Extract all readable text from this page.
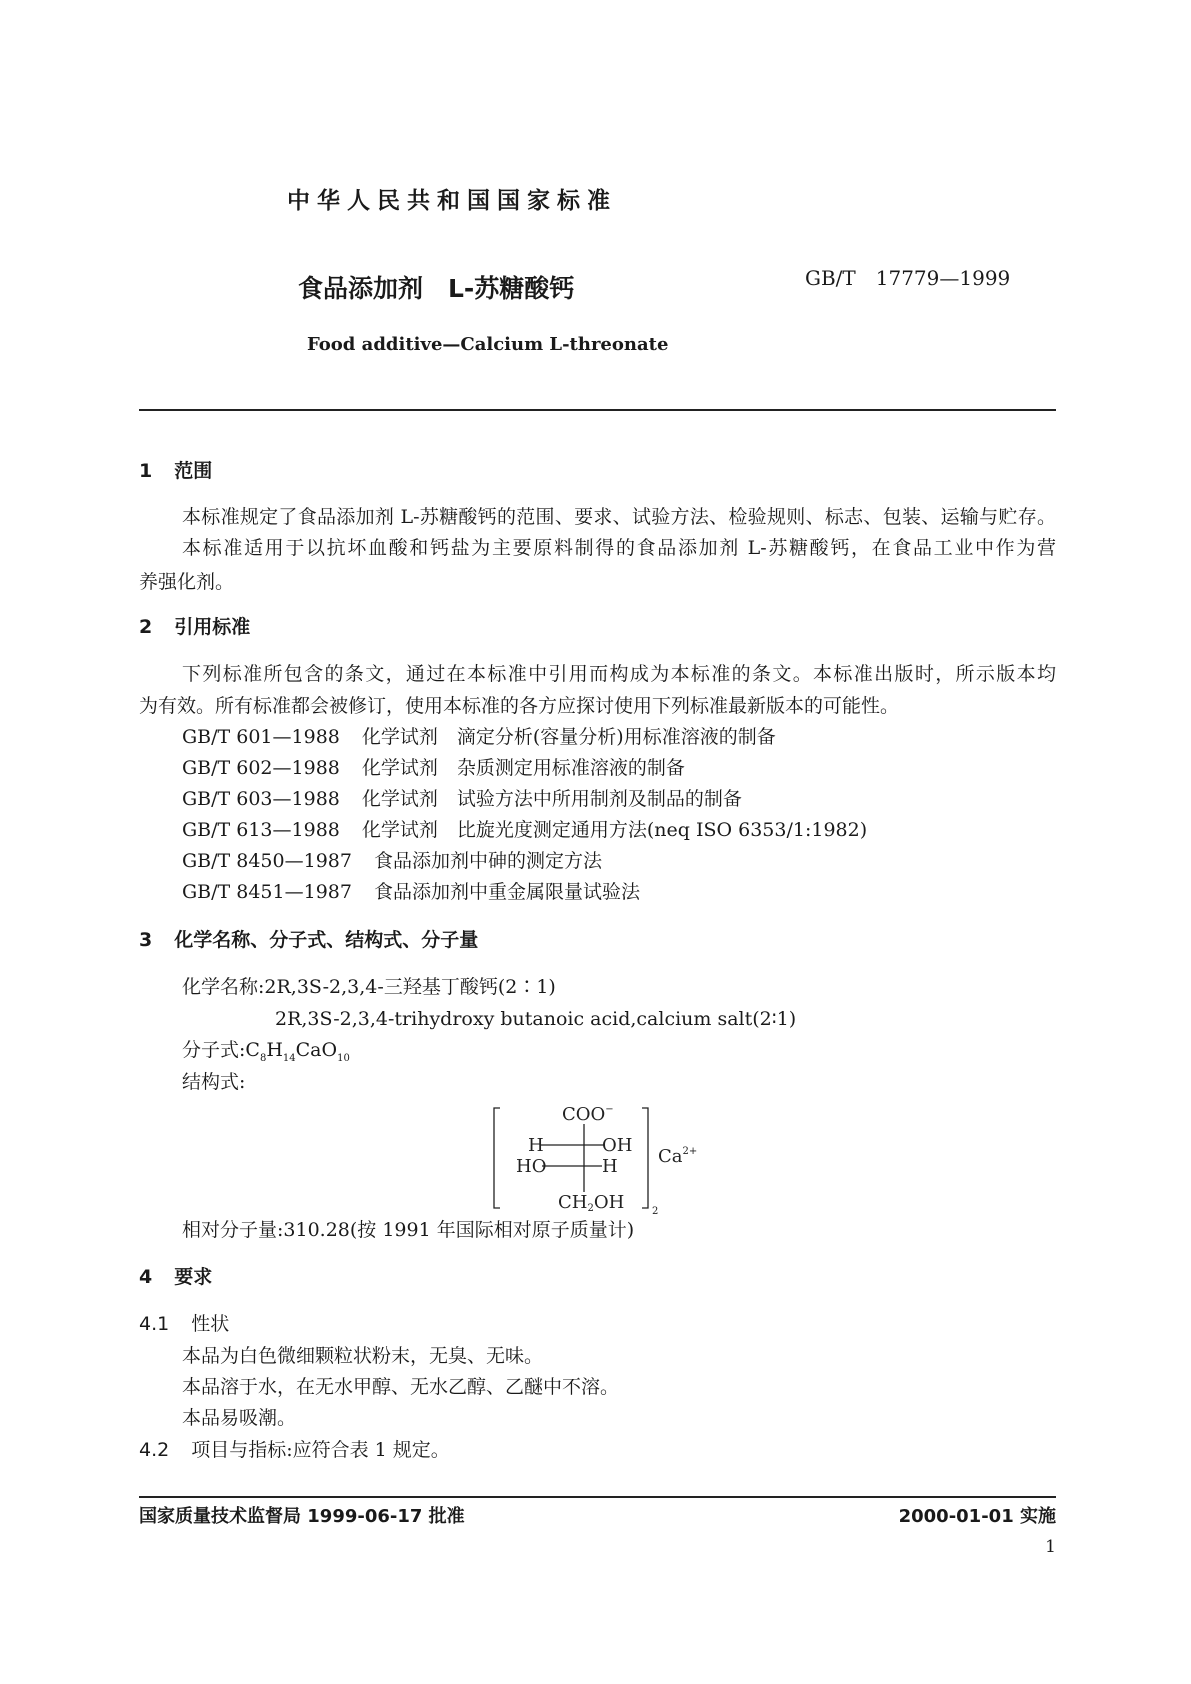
中华人民共和国国家标准
食品添加剂　L-苏糖酸钙	GB/T　17779—1999
Food additive—Calcium L-threonate
1 范围
本标准规定了食品添加剂 L-苏糖酸钙的范围、要求、试验方法、检验规则、标志、包装、运输与贮存。
本标准适用于以抗坏血酸和钙盐为主要原料制得的食品添加剂 L-苏糖酸钙，在食品工业中作为营
养强化剂。
2 引用标准
下列标准所包含的条文，通过在本标准中引用而构成为本标准的条文。本标准出版时，所示版本均
为有效。所有标准都会被修订，使用本标准的各方应探讨使用下列标准最新版本的可能性。
GB/T 601—1988 化学试剂　滴定分析(容量分析)用标准溶液的制备
GB/T 602—1988 化学试剂　杂质测定用标准溶液的制备
GB/T 603—1988 化学试剂　试验方法中所用制剂及制品的制备
GB/T 613—1988 化学试剂　比旋光度测定通用方法(neq ISO 6353/1:1982)
GB/T 8450—1987 食品添加剂中砷的测定方法
GB/T 8451—1987 食品添加剂中重金属限量试验法
3 化学名称、分子式、结构式、分子量
化学名称:2R,3S-2,3,4-三羟基丁酸钙(2∶1)
2R,3S-2,3,4-trihydroxy butanoic acid,calcium salt(2∶1)
分子式$:C_8H_{14}CaO_{10}$
结构式:
COO−
H	OH
HO	H
CH2OH	2
$Ca^{2+}$
相对分子量:310.28(按 1991 年国际相对原子质量计)
4 要求
4.1 性状
本品为白色微细颗粒状粉末，无臭、无味。
本品溶于水，在无水甲醇、无水乙醇、乙醚中不溶。
本品易吸潮。
4.2 项目与指标:应符合表 1 规定。
国家质量技术监督局 1999-06-17 批准	2000-01-01 实施
1
